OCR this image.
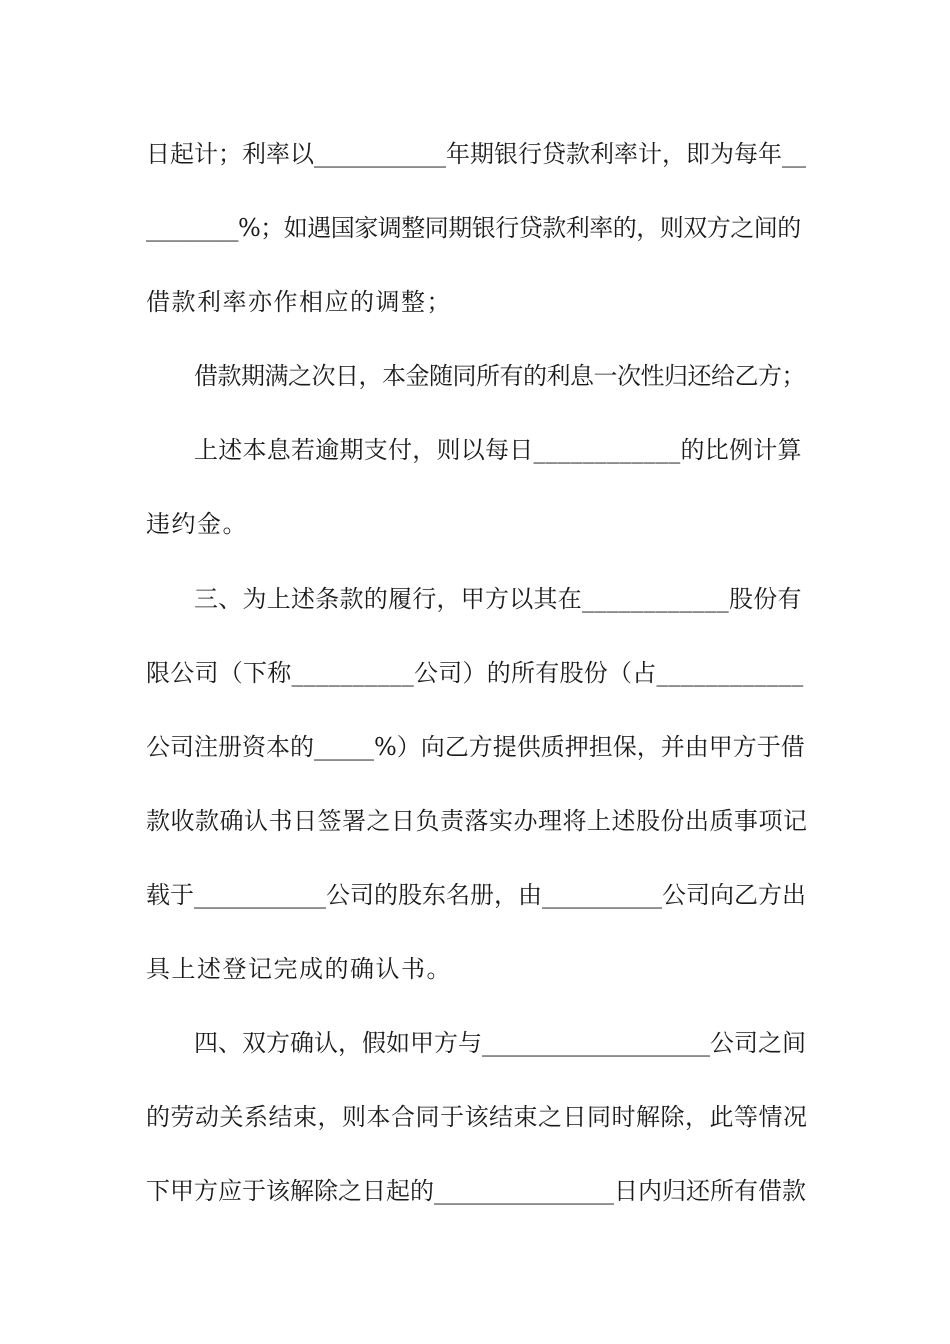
日起计；利率以___________年期银行贷款利率计，即为每年__
________%；如遇国家调整同期银行贷款利率的，则双方之间的
借款利率亦作相应的调整；
借款期满之次日，本金随同所有的利息一次性归还给乙方；
上述本息若逾期支付，则以每日____________的比例计算
违约金。
三、为上述条款的履行，甲方以其在____________股份有
限公司（下称__________公司）的所有股份（占____________
公司注册资本的_____%）向乙方提供质押担保，并由甲方于借
款收款确认书日签署之日负责落实办理将上述股份出质事项记
载于___________公司的股东名册，由__________公司向乙方出
具上述登记完成的确认书。
四、双方确认，假如甲方与___________________公司之间
的劳动关系结束，则本合同于该结束之日同时解除，此等情况
下甲方应于该解除之日起的_______________日内归还所有借款
